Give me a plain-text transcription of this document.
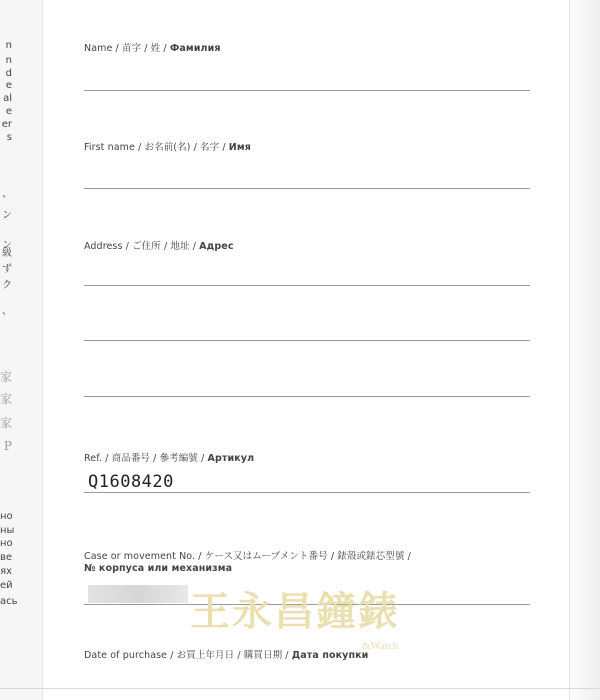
n
n
d
e
al
e
er
s
、
ン
ン
級
ず
ク
、
家
家
家
P
но
ны
но
ве
ях
ей
ась
Name / 苗字 / 姓 / Фамилия
First name / お名前(名) / 名字 / Имя
Address / ご住所 / 地址 / Адрес
Ref. / 商品番号 / 參考編號 / Артикул
Q1608420
Case or movement No. / ケース又はムーブメント番号 / 錶殼或錶芯型號 /
№ корпуса или механизма
Date of purchase / お買上年月日 / 購買日期 / Дата покупки
王永昌鐘錶
&Watch
